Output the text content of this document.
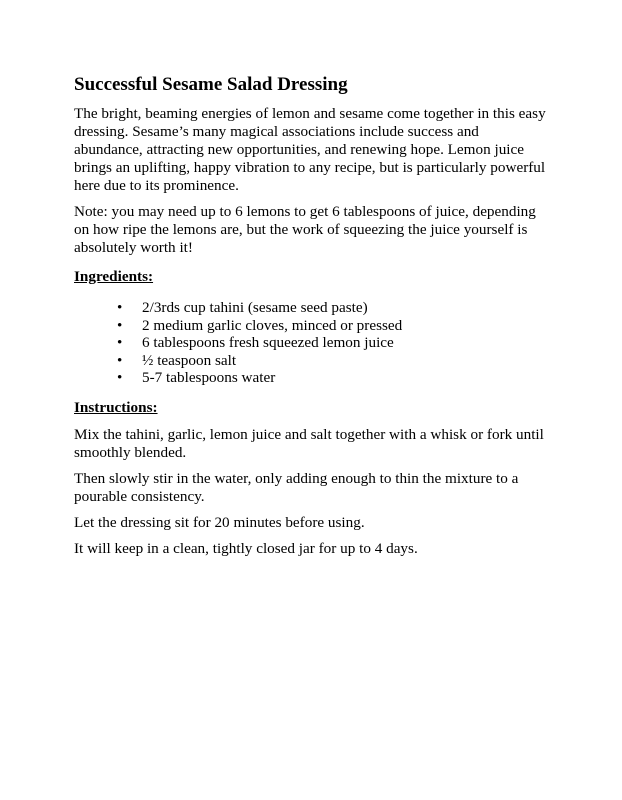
Successful Sesame Salad Dressing

The bright, beaming energies of lemon and sesame come together in this easy dressing. Sesame’s many magical associations include success and abundance, attracting new opportunities, and renewing hope. Lemon juice brings an uplifting, happy vibration to any recipe, but is particularly powerful here due to its prominence.

Note: you may need up to 6 lemons to get 6 tablespoons of juice, depending on how ripe the lemons are, but the work of squeezing the juice yourself is absolutely worth it!

Ingredients:
• 2/3rds cup tahini (sesame seed paste)
• 2 medium garlic cloves, minced or pressed
• 6 tablespoons fresh squeezed lemon juice
• ½ teaspoon salt
• 5-7 tablespoons water
Instructions:

Mix the tahini, garlic, lemon juice and salt together with a whisk or fork until smoothly blended.

Then slowly stir in the water, only adding enough to thin the mixture to a pourable consistency.

Let the dressing sit for 20 minutes before using.

It will keep in a clean, tightly closed jar for up to 4 days.
